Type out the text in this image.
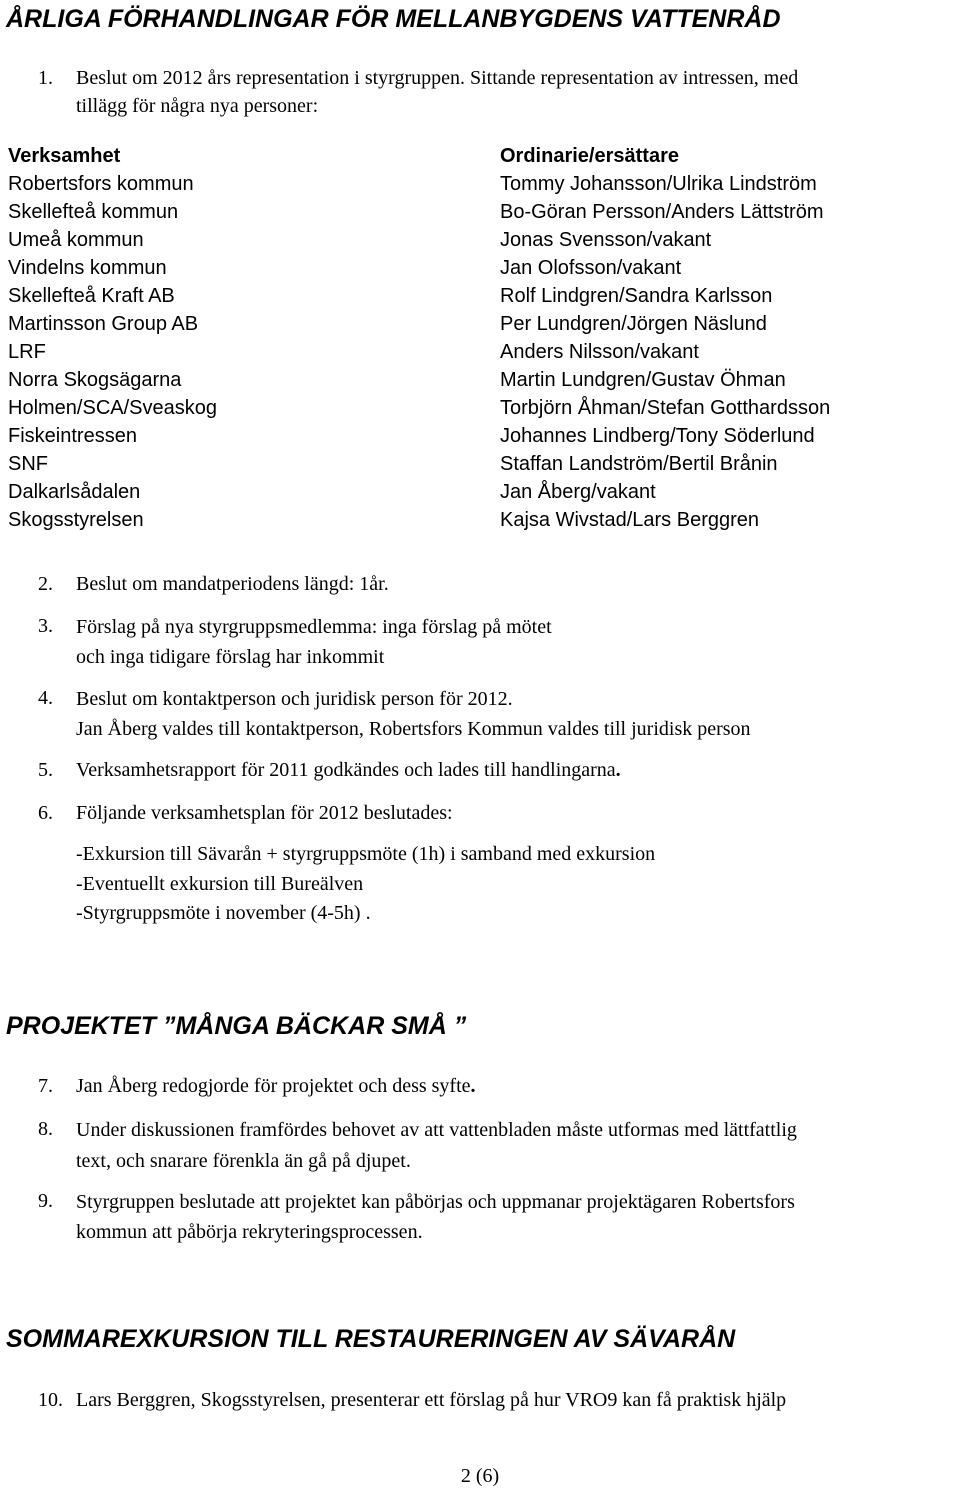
ÅRLIGA FÖRHANDLINGAR FÖR MELLANBYGDENS VATTENRÅD
1. Beslut om 2012 års representation i styrgruppen. Sittande representation av intressen, med
tillägg för några nya personer:
Verksamhet
Robertsfors kommun
Skellefteå kommun
Umeå kommun
Vindelns kommun
Skellefteå Kraft AB
Martinsson Group AB
LRF
Norra Skogsägarna
Holmen/SCA/Sveaskog
Fiskeintressen
SNF
Dalkarlsådalen
Skogsstyrelsen
Ordinarie/ersättare
Tommy Johansson/Ulrika Lindström
Bo-Göran Persson/Anders Lättström
Jonas Svensson/vakant
Jan Olofsson/vakant
Rolf Lindgren/Sandra Karlsson
Per Lundgren/Jörgen Näslund
Anders Nilsson/vakant
Martin Lundgren/Gustav Öhman
Torbjörn Åhman/Stefan Gotthardsson
Johannes Lindberg/Tony Söderlund
Staffan Landström/Bertil Brånin
Jan Åberg/vakant
Kajsa Wivstad/Lars Berggren
2. Beslut om mandatperiodens längd: 1år.
3. Förslag på nya styrgruppsmedlemma: inga förslag på mötet
och inga tidigare förslag har inkommit
4. Beslut om kontaktperson och juridisk person för 2012.
Jan Åberg valdes till kontaktperson, Robertsfors Kommun valdes till juridisk person
5. Verksamhetsrapport för 2011 godkändes och lades till handlingarna.
6. Följande verksamhetsplan för 2012 beslutades:
-Exkursion till Sävarån + styrgruppsmöte (1h) i samband med exkursion
-Eventuellt exkursion till Bureälven
-Styrgruppsmöte i november (4-5h) .
PROJEKTET ”MÅNGA BÄCKAR SMÅ ”
7. Jan Åberg redogjorde för projektet och dess syfte.
8. Under diskussionen framfördes behovet av att vattenbladen måste utformas med lättfattlig
text, och snarare förenkla än gå på djupet.
9. Styrgruppen beslutade att projektet kan påbörjas och uppmanar projektägaren Robertsfors
kommun att påbörja rekryteringsprocessen.
SOMMAREXKURSION TILL RESTAURERINGEN AV SÄVARÅN
10. Lars Berggren, Skogsstyrelsen, presenterar ett förslag på hur VRO9 kan få praktisk hjälp
2 (6)
